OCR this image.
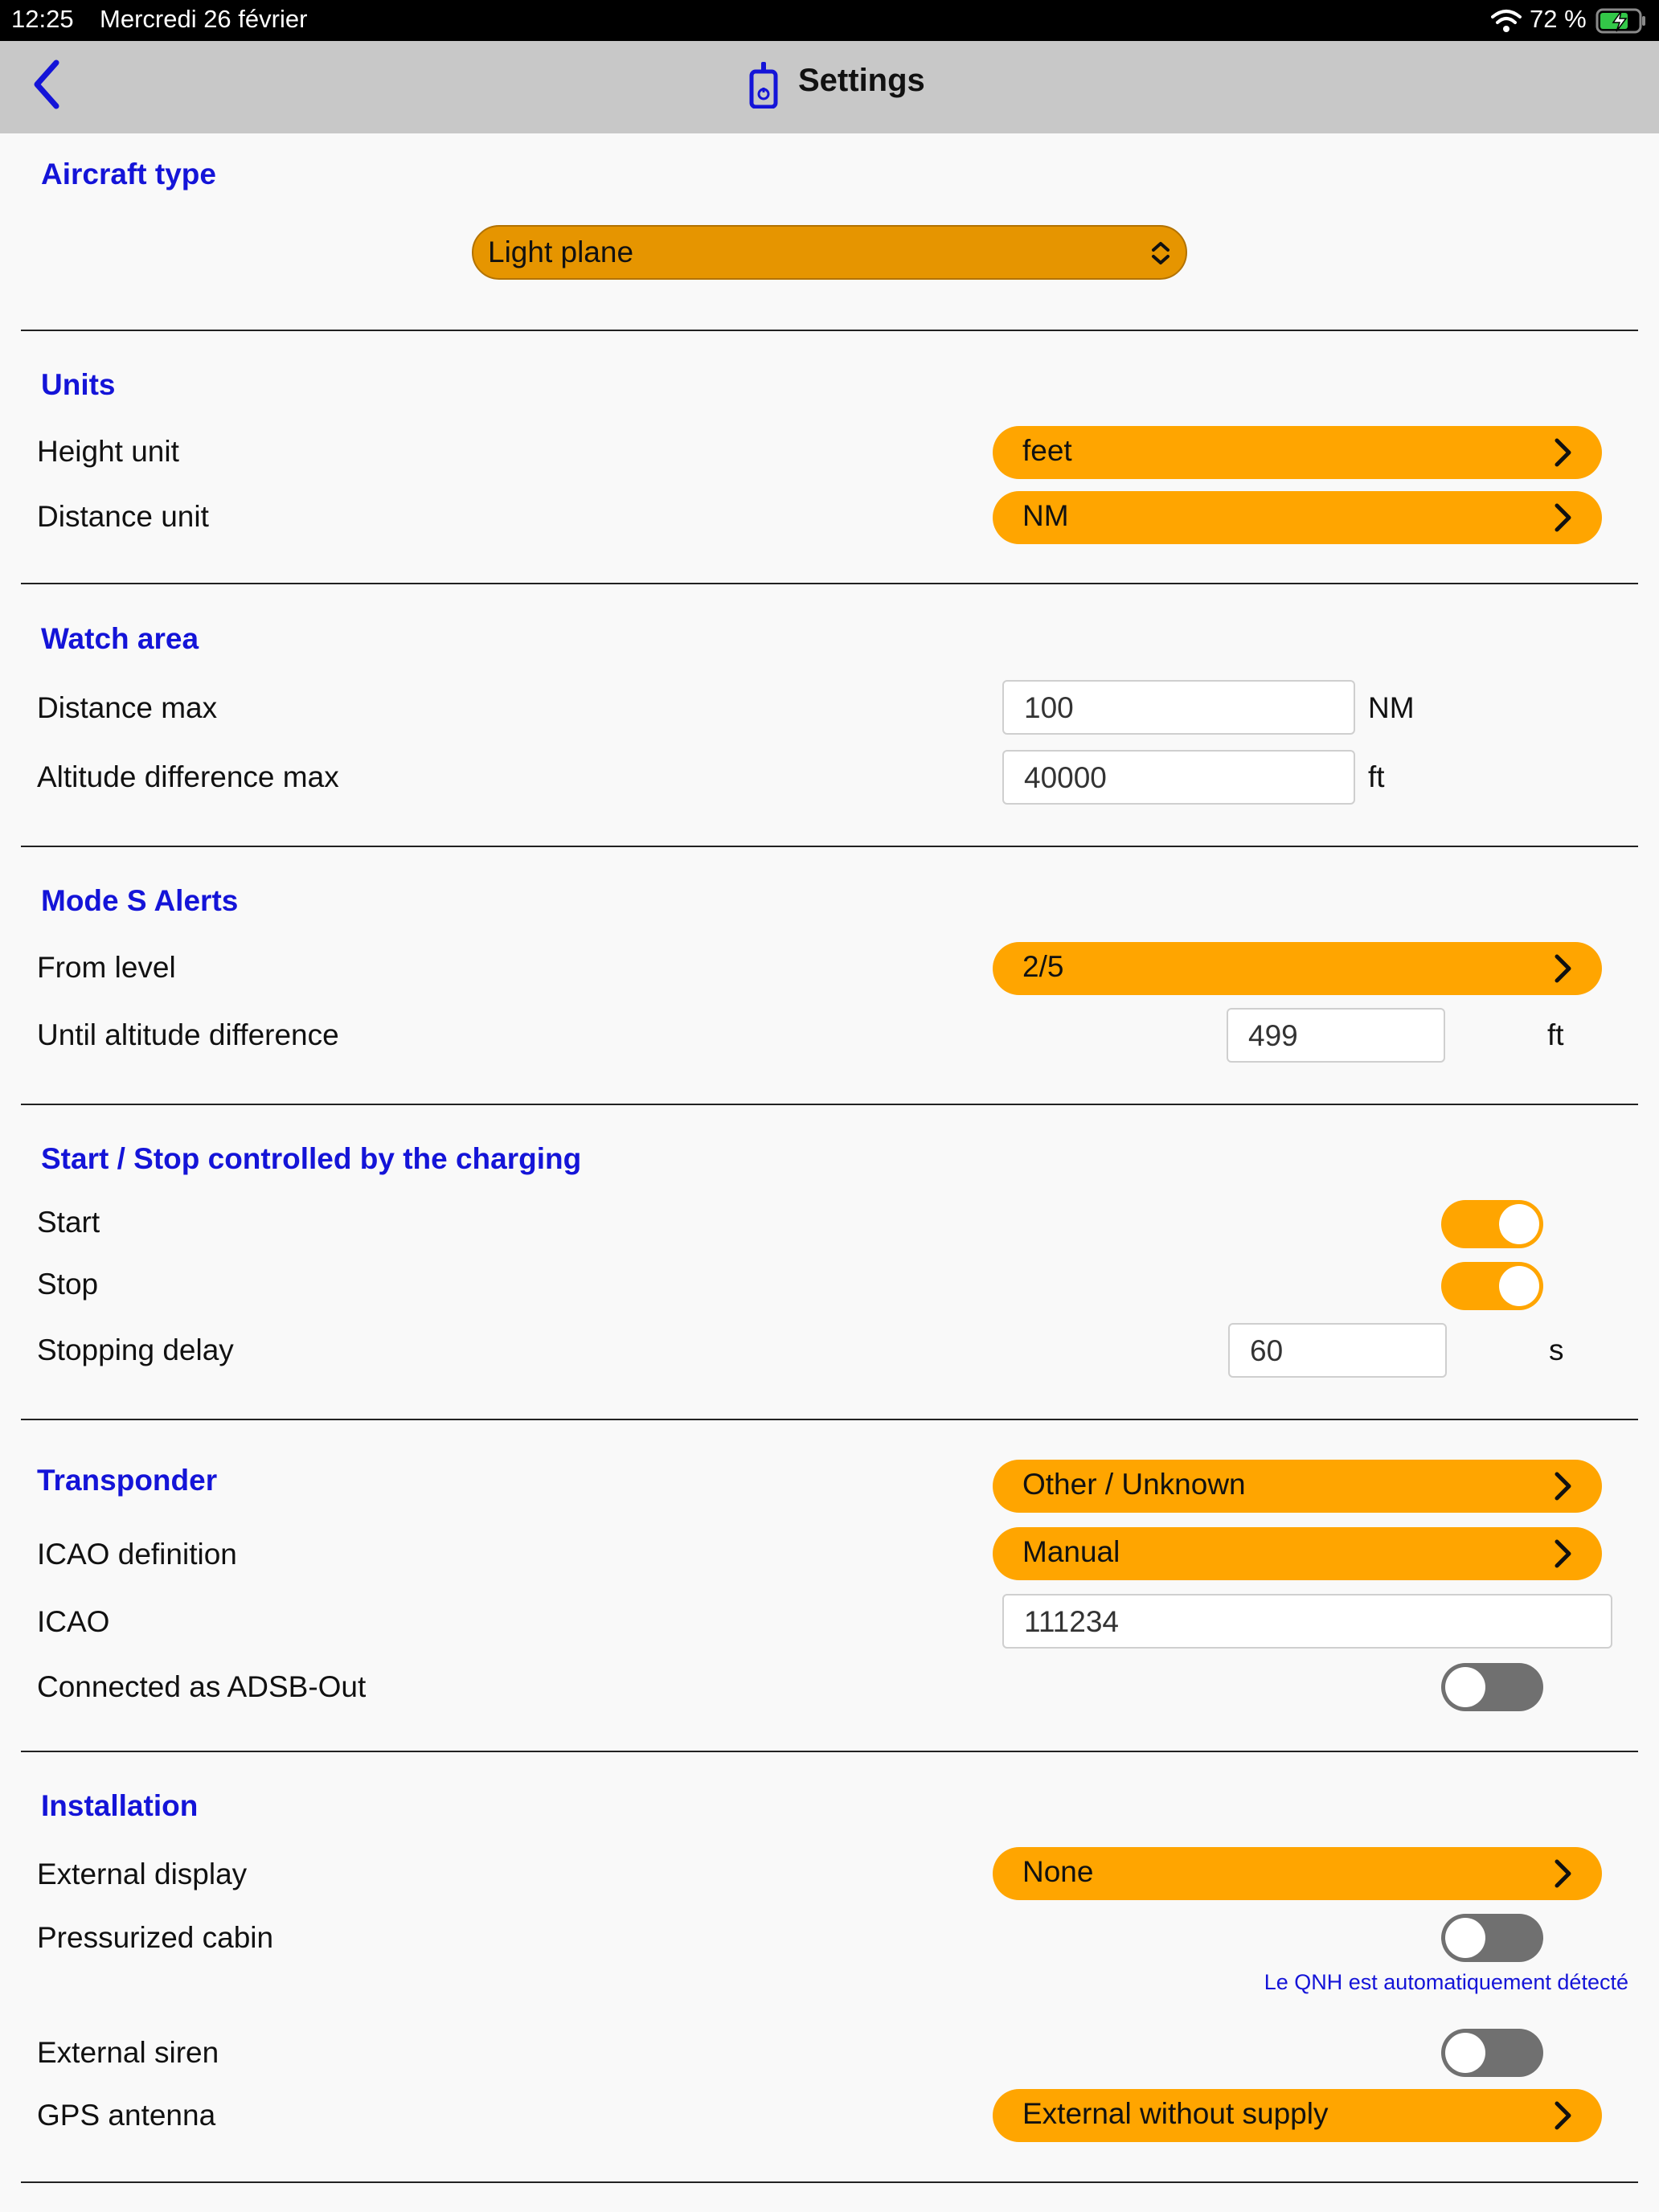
12:25 Mercredi 26 février	72 %
Settings
Aircraft type
Light plane
Units
Height unit	feet
Distance unit	NM
Watch area
Distance max	100	NM
Altitude difference max	40000	ft
Mode S Alerts
From level	2/5
Until altitude difference	499	ft
Start / Stop controlled by the charging
Start
Stop
Stopping delay	60	s
Transponder	Other / Unknown
ICAO definition	Manual
ICAO	111234
Connected as ADSB-Out
Installation
External display	None
Pressurized cabin
Le QNH est automatiquement détecté
External siren
GPS antenna	External without supply
